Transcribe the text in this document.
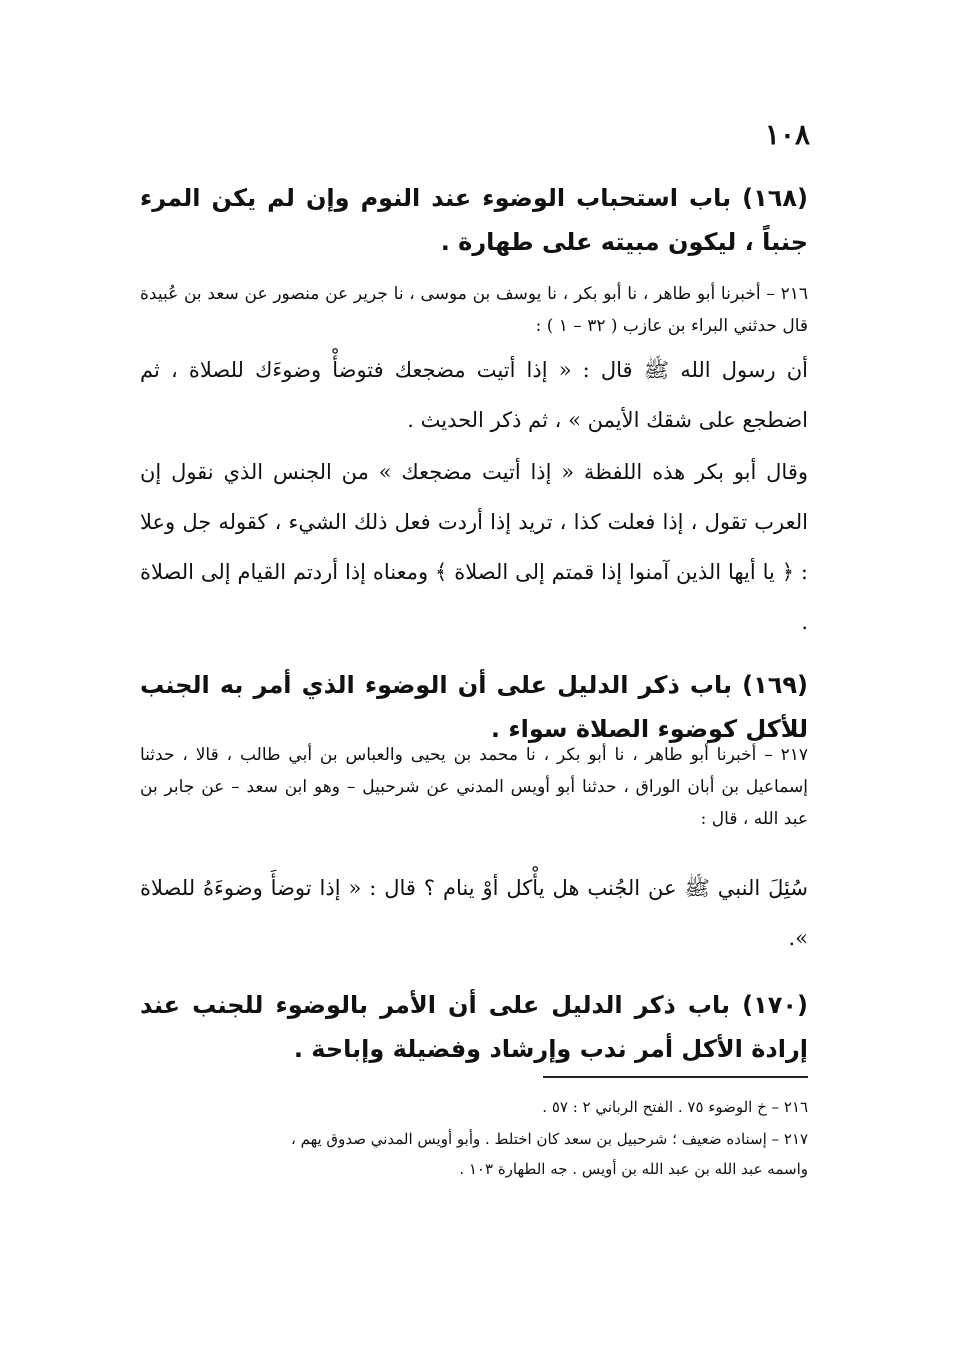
١٠٨

(١٦٨) باب استحباب الوضوء عند النوم وإن لم يكن المرء جنباً ، ليكون مبيته على طهارة .

٢١٦ – أخبرنا أبو طاهر ، نا أبو بكر ، نا يوسف بن موسى ، نا جرير عن منصور عن سعد بن عُبيدة قال حدثني البراء بن عازب ( ٣٢ – ١ ) :

أن رسول الله ﷺ قال : « إذا أتيت مضجعك فتوضأْ وضوءَك للصلاة ، ثم اضطجع على شقك الأيمن » ، ثم ذكر الحديث .

وقال أبو بكر هذه اللفظة « إذا أتيت مضجعك » من الجنس الذي نقول إن العرب تقول ، إذا فعلت كذا ، تريد إذا أردت فعل ذلك الشيء ، كقوله جل وعلا : ﴿ يا أيها الذين آمنوا إذا قمتم إلى الصلاة ﴾ ومعناه إذا أردتم القيام إلى الصلاة .

(١٦٩) باب ذكر الدليل على أن الوضوء الذي أمر به الجنب للأكل كوضوء الصلاة سواء .

٢١٧ – أخبرنا أبو طاهر ، نا أبو بكر ، نا محمد بن يحيى والعباس بن أبي طالب ، قالا ، حدثنا إسماعيل بن أبان الوراق ، حدثنا أبو أويس المدني عن شرحبيل – وهو ابن سعد – عن جابر بن عبد الله ، قال :

سُئِلَ النبي ﷺ عن الجُنب هل يأْكل أوْ ينام ؟ قال : « إذا توضأَ وضوءَهُ للصلاة ».

(١٧٠) باب ذكر الدليل على أن الأمر بالوضوء للجنب عند إرادة الأكل أمر ندب وإرشاد وفضيلة وإباحة .

٢١٦ – خ الوضوء ٧٥ . الفتح الرباني ٢ : ٥٧ .

٢١٧ – إسناده ضعيف ؛ شرحبيل بن سعد كان اختلط . وأبو أويس المدني صدوق يهم ،

واسمه عبد الله بن عبد الله بن أويس . جه الطهارة ١٠٣ .
